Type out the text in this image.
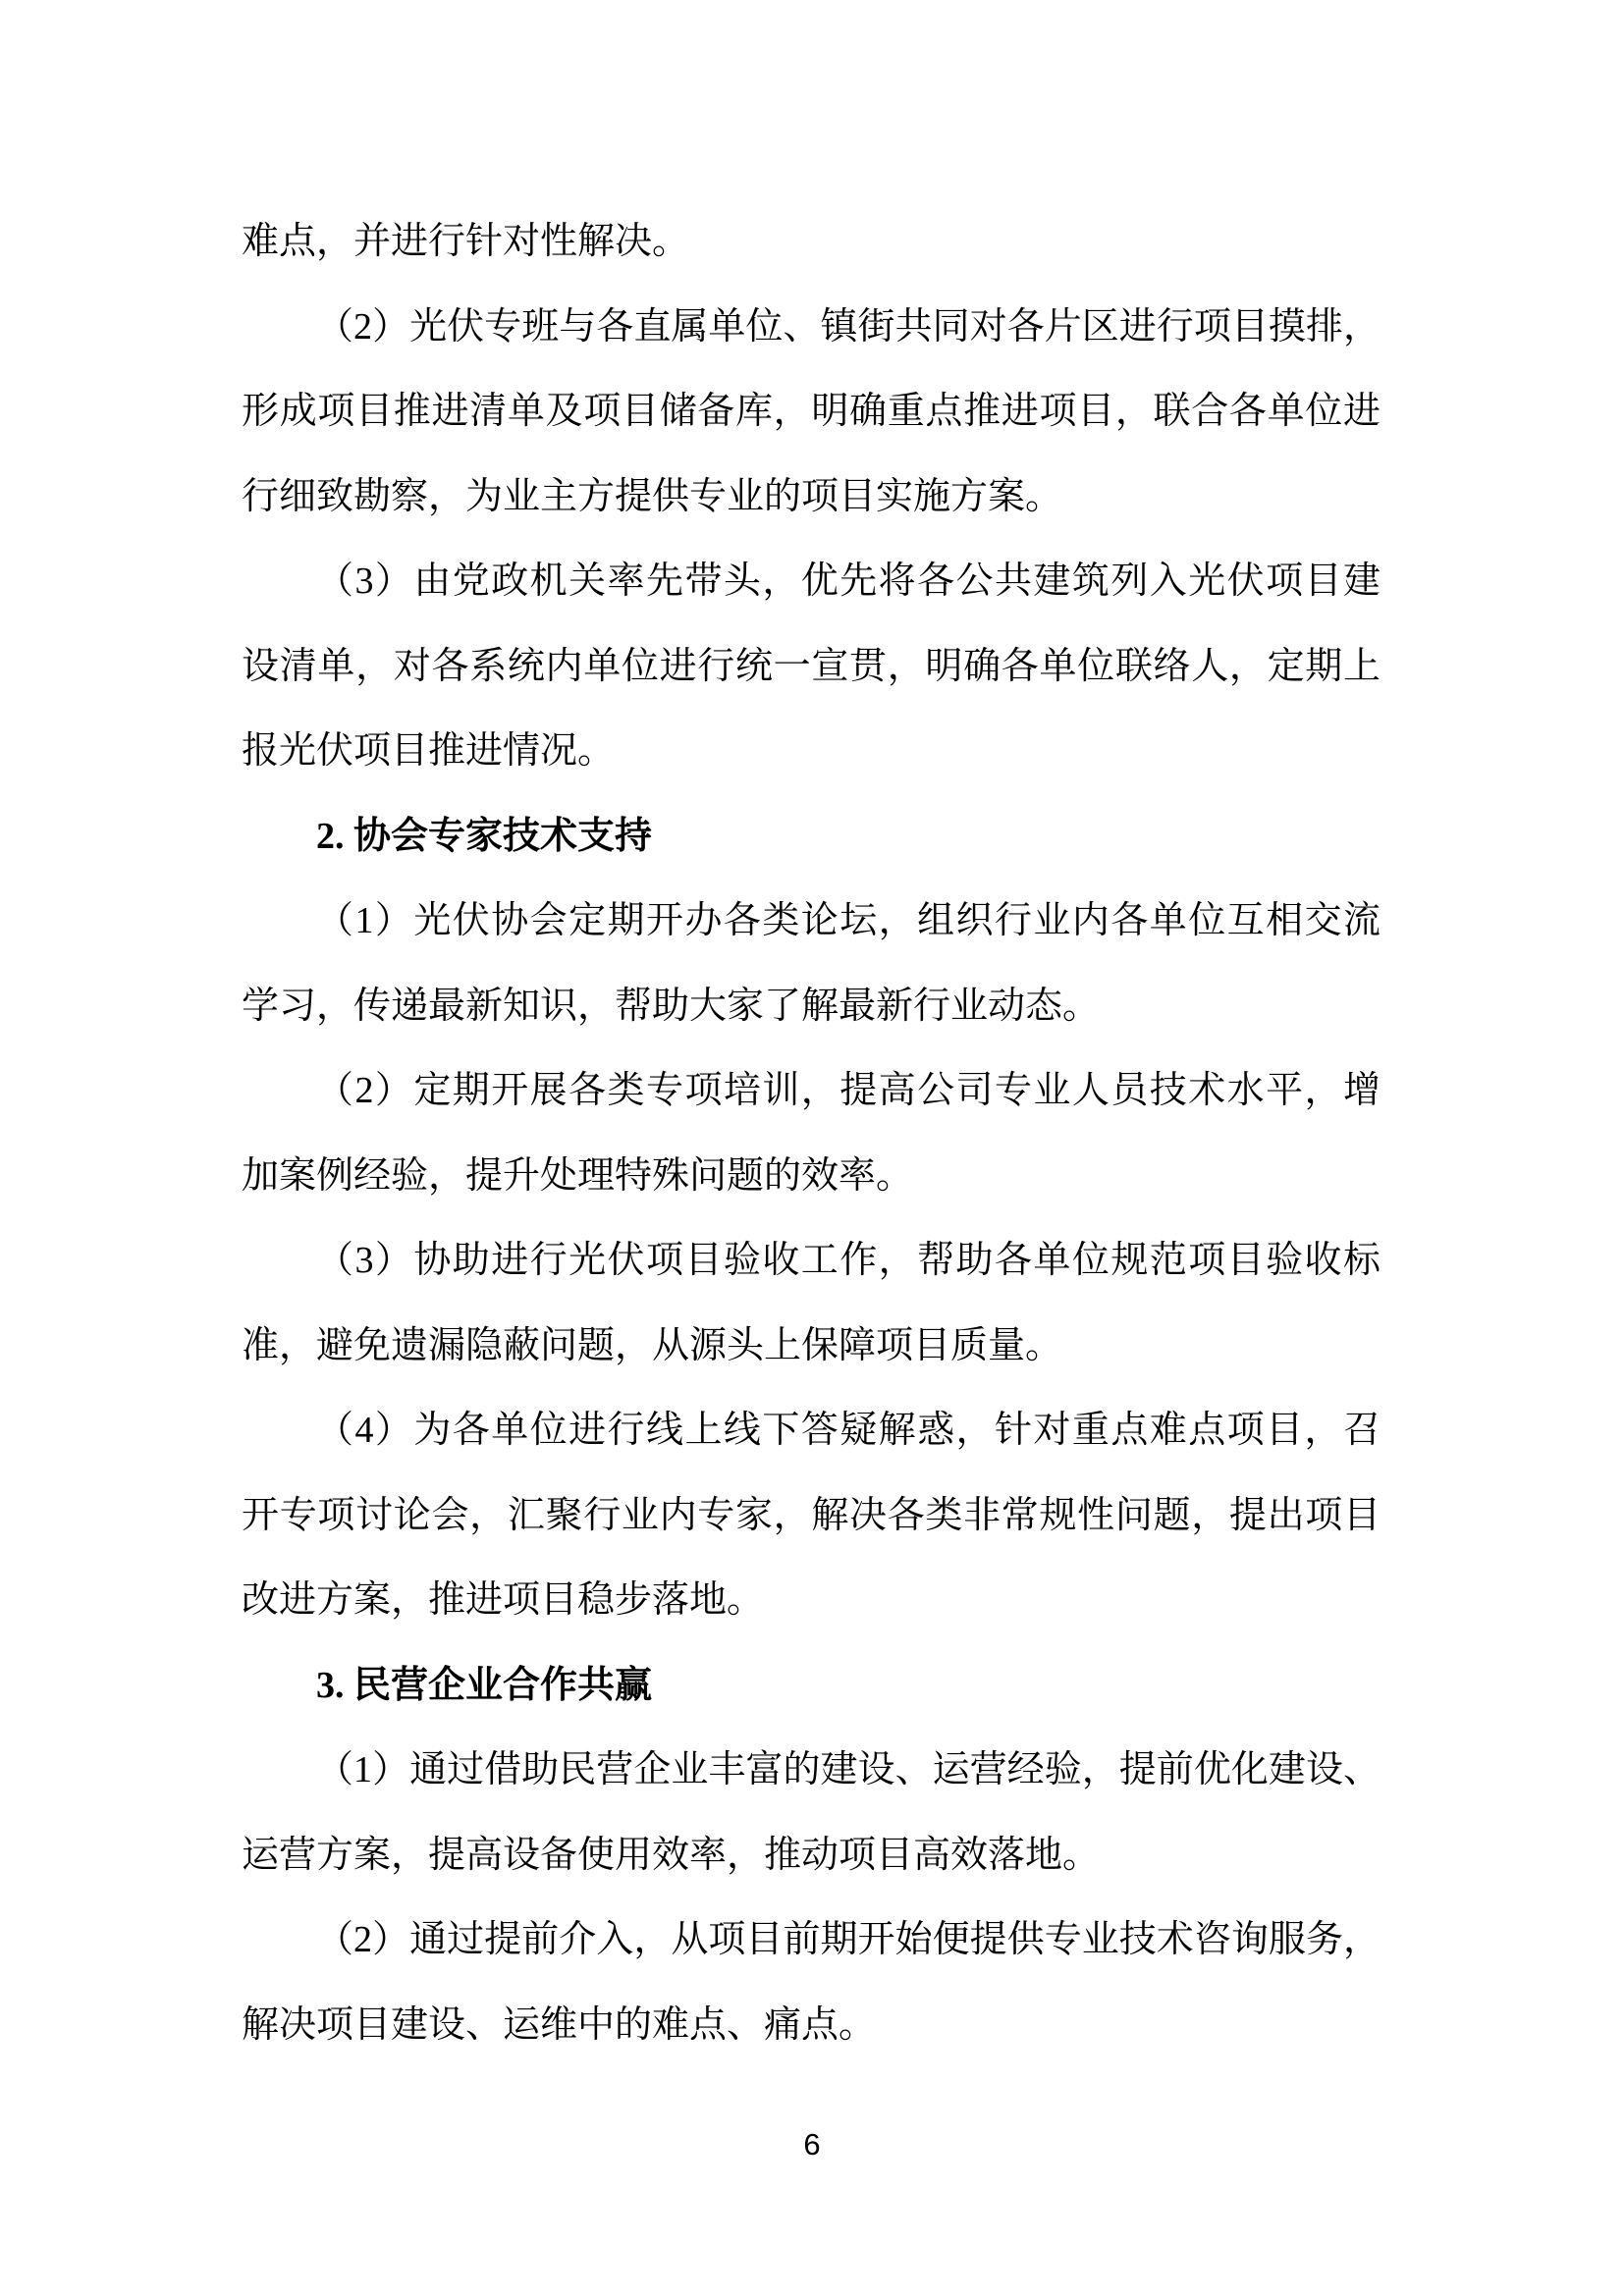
难点，并进行针对性解决。
（2）光伏专班与各直属单位、镇街共同对各片区进行项目摸排，
形成项目推进清单及项目储备库，明确重点推进项目，联合各单位进
行细致勘察，为业主方提供专业的项目实施方案。
（3）由党政机关率先带头，优先将各公共建筑列入光伏项目建
设清单，对各系统内单位进行统一宣贯，明确各单位联络人，定期上
报光伏项目推进情况。
2. 协会专家技术支持
（1）光伏协会定期开办各类论坛，组织行业内各单位互相交流
学习，传递最新知识，帮助大家了解最新行业动态。
（2）定期开展各类专项培训，提高公司专业人员技术水平，增
加案例经验，提升处理特殊问题的效率。
（3）协助进行光伏项目验收工作，帮助各单位规范项目验收标
准，避免遗漏隐蔽问题，从源头上保障项目质量。
（4）为各单位进行线上线下答疑解惑，针对重点难点项目，召
开专项讨论会，汇聚行业内专家，解决各类非常规性问题，提出项目
改进方案，推进项目稳步落地。
3. 民营企业合作共赢
（1）通过借助民营企业丰富的建设、运营经验，提前优化建设、
运营方案，提高设备使用效率，推动项目高效落地。
（2）通过提前介入，从项目前期开始便提供专业技术咨询服务，
解决项目建设、运维中的难点、痛点。
6
